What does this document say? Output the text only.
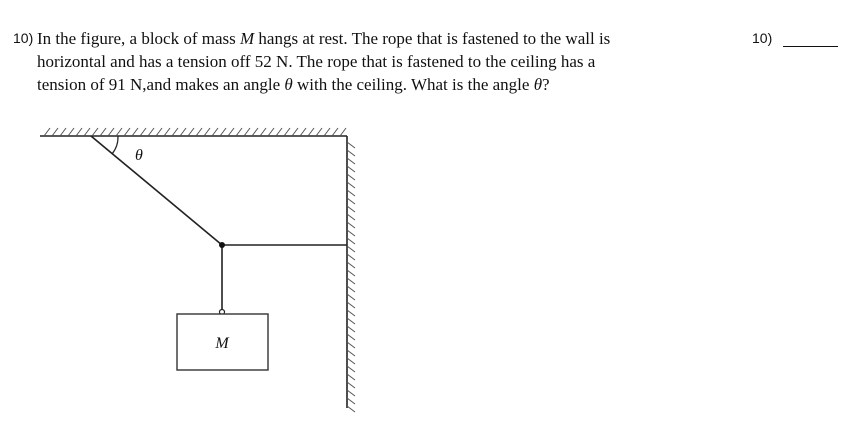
10) In the figure, a block of mass M hangs at rest. The rope that is fastened to the wall is
horizontal and has a tension off 52 N. The rope that is fastened to the ceiling has a
tension of 91 N,and makes an angle θ with the ceiling. What is the angle θ?
10)
θ
M
